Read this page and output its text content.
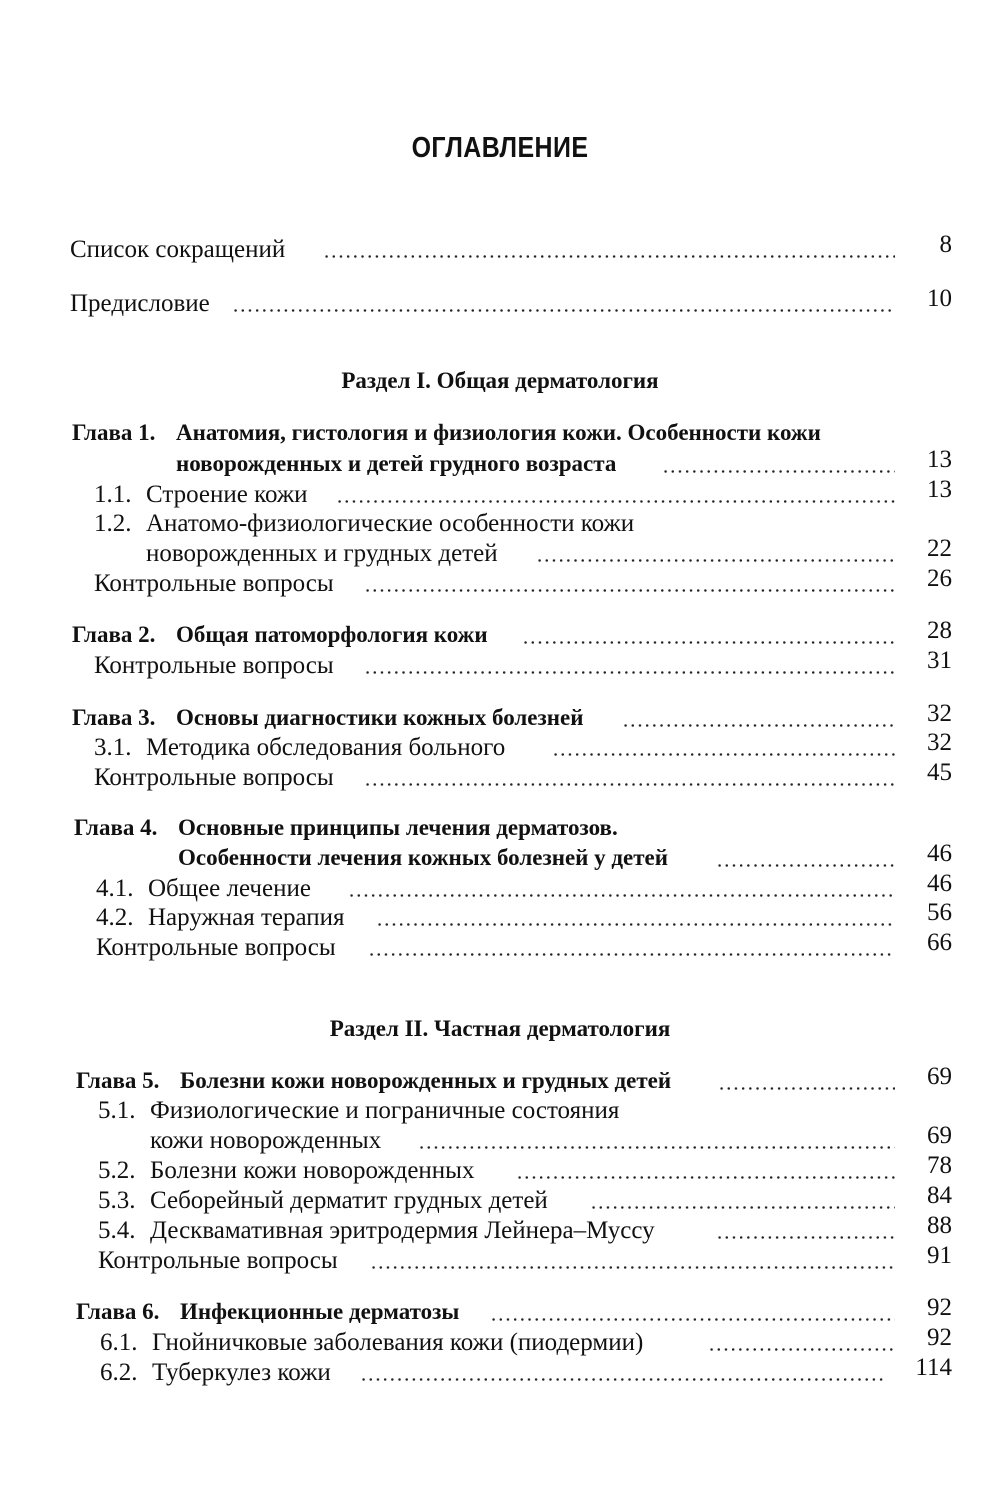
ОГЛАВЛЕНИЕ
Список сокращений	8
Предисловие	10
Раздел I. Общая дерматология
Глава 1. Анатомия, гистология и физиология кожи. Особенности кожи
новорожденных и детей грудного возраста	13
1.1. Строение кожи	13
1.2. Анатомо-физиологические особенности кожи
новорожденных и грудных детей	22
Контрольные вопросы	26
Глава 2. Общая патоморфология кожи	28
Контрольные вопросы	31
Глава 3. Основы диагностики кожных болезней	32
3.1. Методика обследования больного	32
Контрольные вопросы	45
Глава 4. Основные принципы лечения дерматозов.
Особенности лечения кожных болезней у детей	46
4.1. Общее лечение	46
4.2. Наружная терапия	56
Контрольные вопросы	66
Раздел II. Частная дерматология
Глава 5. Болезни кожи новорожденных и грудных детей	69
5.1. Физиологические и пограничные состояния
кожи новорожденных	69
5.2. Болезни кожи новорожденных	78
5.3. Себорейный дерматит грудных детей	84
5.4. Десквамативная эритродермия Лейнера–Муссу	88
Контрольные вопросы	91
Глава 6. Инфекционные дерматозы	92
6.1. Гнойничковые заболевания кожи (пиодермии)	92
6.2. Туберкулез кожи	114
